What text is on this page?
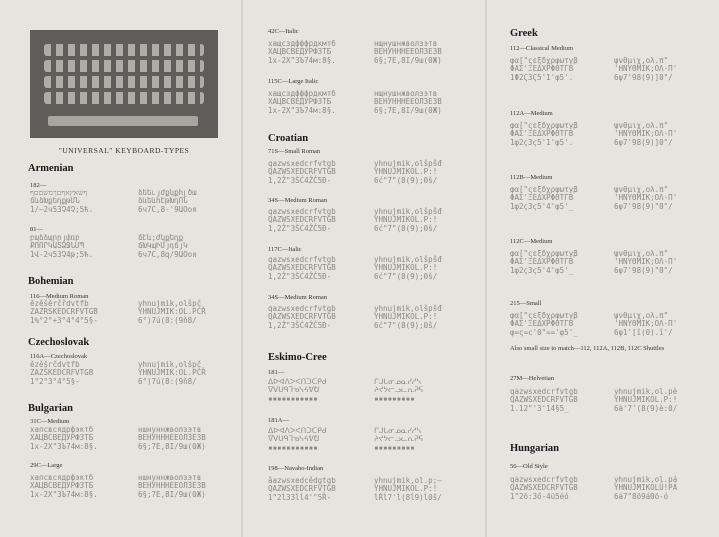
"UNIVERSAL" KEYBOARD-TYPES
Armenian
182—
ףשאץאףםךמשםםף
ճևձԽքեդքթՄՆ
1/–2ч53Չ4Չ;5ћ.
ձեեւյժքկքհլծա
ձևեևհէթԽդՈՆ
6ч7C,8-'9ԱՕօя
81—
բպձձպրրյփռբ
ՔՈՈՐԿԱՏՁՋՆՄՊ
1Վ-2ч53Չ4թ;5ћ.
ճէև;ժկքեդք
ճԽԿպԻՄյդճյԿ
6ч7C,8զ/9ԱՕօя
Bohemian
116—Medium Roman
ězěšěrčřdvtfb
ZAZRSKEDCRFVTGB
1%°2°+3°4°4°5§-
yhnujmik,olšpč
YHNUJMIK:OL.PČŘ
6°)7ú(8:(9ň8/
Czechoslovak
116A—Czechoslovak
ězěšrčdvtfb
ZAZŠKEDCRFVTGB
1°2°3°4°5§-
yhnujmik,olšpč
YHNUJMIK:OL.PČŘ
6°)7ú(8:(9ň8/
Bulgarian
31C—Medium
хапсвсядрфэктб
ХАЦВСВЕДУРФЗТБ
1х-2Х"3Ъ74м:8§.
ншнуннжволзэтв
ВЕНУНННЕЕОЛЗЕЗВ
6§;7Е,8I/9ш(0Ж)
29C—Large
хапсвсядрфэктб
ХАЦВСВЕДУРФЗТБ
1х-2Х"3Ъ74м:8§.
ншнуннжволзэтв
ВЕНУНННЕЕОЛЗЕЗВ
6§;7Е,8I/9ш(0Ж)
42C—Italic
хащсздфффрдкмтб
ХАЦВСВЕДУРФЗТБ
1х-2Х"3Ъ74м:8§.
нщнушнжволзэтв
ВЕНУНННЕЕОЛЗЕЗВ
6§;7Е,8I/9ш(0Ж)
115C—Large Italic
хащсздфффрдкмтб
ХАЦВСВЕДУРФЗТБ
1х-2Х"3Ъ74м:8§.
нщнушнжволзэтв
ВЕНУНННЕЕОЛЗЕЗВ
6§;7Е,8I/9ш(0Ж)
Croatian
71S—Small Roman
qazwsxedcrfvtgb
QAZWSXEDCRFVTGB
1,2Ž"3ŠĆ4ŽČ5Đ-
yhnujmik,olšpšđ
YHNUJMIKOL.P:!
6ć"7"(8(9);0š/
34S—Medium Roman
qazwsxedcrfvtgb
QAZWSXEDCRFVTGB
1,2Ž"3ŠĆ4ŽČ5Đ-
yhnujmik,olšpšđ
YHNUJMIKOL.P:!
6ć"7"(8(9);0š/
117C—Italic
qazwsxedcrfvtgb
QAZWSXEDCRFVTGB
1,2Ž"3ŠĆ4ŽČ5Đ-
yhnujmik,olšpšđ
YHNUJMIKOL.P:!
6ć"7"(8(9);0š/
34S—Medium Roman
qazwsxedcrfvtgb
QAZWSXEDCRFVTGB
1,2Ž"3ŠĆ4ŽČ5Đ-
yhnujmik,olšpšđ
YHNUJMIKOL.P:!
6ć"7"(8(9);0š/
Eskimo-Cree
181—
ᐃᐅᐊᐱᐳᐸᑎᑐᑕᑭᑯ
ᐁᐯᑌᑫᒣᓀᓭᔦᕓᕞ
▪▪▪▪▪▪▪▪▪▪▪
ᒋᒍᒐᓂᓄᓇᓯᓱᓴ
ᔨᔪᔭᓕᓗᓚᕆᕈᕋ
▪▪▪▪▪▪▪▪▪
181A—
ᐃᐅᐊᐱᐳᐸᑎᑐᑕᑭᑯ
ᐁᐯᑌᑫᒣᓀᓭᔦᕓᕞ
▪▪▪▪▪▪▪▪▪▪▪
ᒋᒍᒐᓂᓄᓇᓯᓱᓴ
ᔨᔪᔭᓕᓗᓚᕆᕈᕋ
▪▪▪▪▪▪▪▪▪
198—Navaho-Indian
ǎazwsxedcědgtgb
QAZWSXEDCRFVTGB
1"2ĺ33ĺĺ4'"5Ř-
yhnujmik,ol.p;–
YHNUJMIKOL.P:!
ĺŘĺ7'ĺ(8ĺ9)ĺ0š/
Greek
112—Classical Medium
φα["ςεξδχρφωτγβ
ΦΑΣ'ΞΕΔΧΡΦΘΤΓΒ
1Φ2Ϛ3Ϛ5'1'φ5'.
ψνθμιχ,ολ.π"
'ΗΝΥΘΜΙΚ;ΟΛ·Π'
6ψ7'98(9)]0"/
112A—Medium
φα["ςεξδχρφωτγβ
ΦΑΣ'ΞΕΔΧΡΦΘΤΓΒ
1φ2ϛ3ϛ5'1'φ5'.
ψνθμιχ,ολ.π"
'ΗΝΥΘΜΙΚ;ΟΛ·Π'
6ψ7'98(9)]0"/
112B—Medium
φα["ςεξδχρφωτγβ
ΦΑΣ'ΞΕΔΧΡΦΘΤΓΒ
1φ2ϛ3ϛ5'4'φ5'_
ψνθμιχ,ολ.π"
'ΗΝΥΘΜΙΚ;ΟΛ·Π'
6ψ7'98(9)"0"/
112C—Medium
φα["ςεξδχρφωτγβ
ΦΑΣ'ΞΕΔΧΡΦΘΤΓΒ
1φ2ϛ3ϛ5'4'φ5'_
ψνθμιχ,ολ.π"
'ΗΝΥΘΜΙΚ;ΟΛ·Π'
6ψ7'98(9)"0"/
215—Small
φα["ςεξδχρφωτγβ
ΦΑΣ'ΞΕΔΧΡΦΘΤΓΒ
φ≈ς≈c'0"≈≈'φ5'_
ψνθμιχ,ολ.π"
'ΗΝΥΘΜΙΚ;ΟΛ·Π'
6ψ1'[î(0).î'/
Also small size to match—112, 112A, 112B, 112C Shuttles
27M—Helvetian
qazwsxedcrfvtgb
QAZWSXEDCRFVTGB
1.12"'3'14§5_
yhnujmik,ol.pè
YHNUJMIKOL.P:!
6à'7'(8(9)è:0/
Hungarian
56—Old Style
qazwsxedcrfvtgb
QAZWSXEDCRFVTGB
1"2ö:3ő-4ü5éó
yhnujmik,ol.pá
YHNUJMIKOLÜ!PÁ
6á7"8ö9á0ö-ó
